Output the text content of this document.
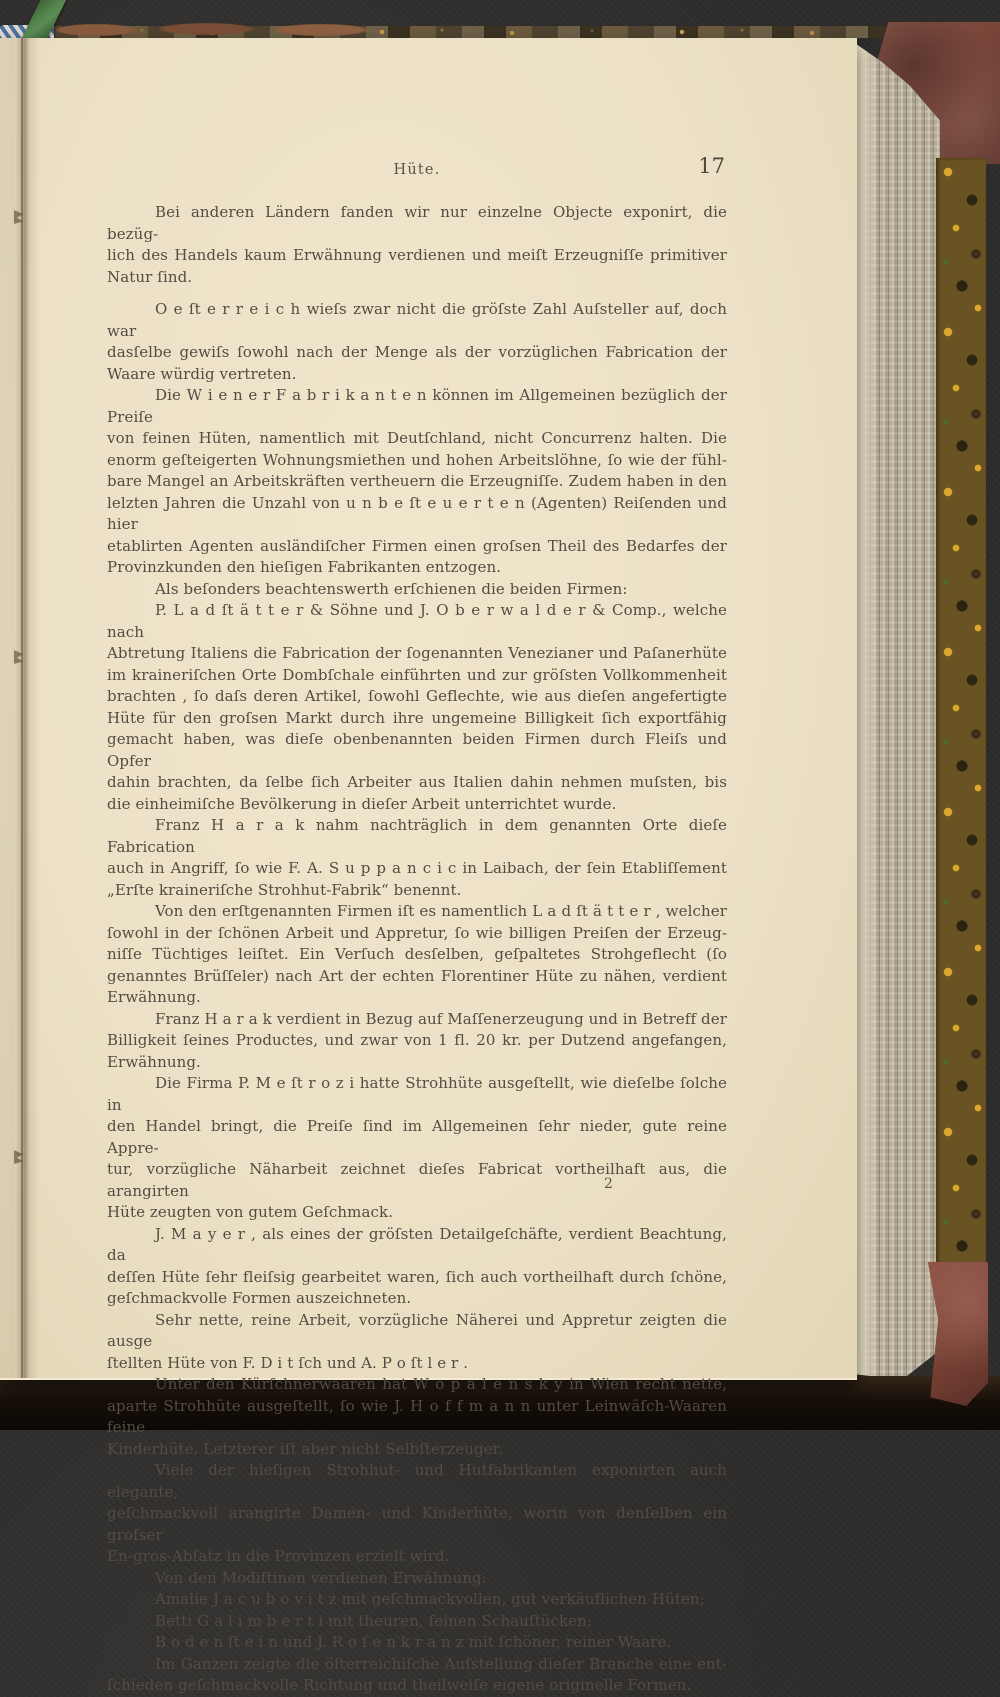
Hüte.	17
Bei anderen Ländern fanden wir nur einzelne Objecte exponirt, die bezüg-
lich des Handels kaum Erwähnung verdienen und meiſt Erzeugniſſe primitiver
Natur ſind.
O e ſt e r r e i c h wieſs zwar nicht die gröſste Zahl Auſsteller auf, doch war
dasſelbe gewiſs ſowohl nach der Menge als der vorzüglichen Fabrication der
Waare würdig vertreten.
Die W i e n e r F a b r i k a n t e n können im Allgemeinen bezüglich der Preiſe
von feinen Hüten, namentlich mit Deutſchland, nicht Concurrenz halten. Die
enorm geſteigerten Wohnungsmiethen und hohen Arbeitslöhne, ſo wie der fühl-
bare Mangel an Arbeitskräften vertheuern die Erzeugniſſe. Zudem haben in den
lelzten Jahren die Unzahl von u n b e ſt e u e r t e n (Agenten) Reiſenden und hier
etablirten Agenten ausländiſcher Firmen einen groſsen Theil des Bedarfes der
Provinzkunden den hieſigen Fabrikanten entzogen.
Als beſonders beachtenswerth erſchienen die beiden Firmen:
P. L a d ſt ä t t e r & Söhne und J. O b e r w a l d e r & Comp., welche nach
Abtretung Italiens die Fabrication der ſogenannten Venezianer und Paſanerhüte
im kraineriſchen Orte Dombſchale einführten und zur gröſsten Vollkommenheit
brachten , ſo daſs deren Artikel, ſowohl Geflechte, wie aus dieſen angefertigte
Hüte für den groſsen Markt durch ihre ungemeine Billigkeit ſich exportfähig
gemacht haben, was dieſe obenbenannten beiden Firmen durch Fleiſs und Opfer
dahin brachten, da ſelbe ſich Arbeiter aus Italien dahin nehmen muſsten, bis
die einheimiſche Bevölkerung in dieſer Arbeit unterrichtet wurde.
Franz H a r a k nahm nachträglich in dem genannten Orte dieſe Fabrication
auch in Angriff, ſo wie F. A. S u p p a n c i c in Laibach, der ſein Etabliſſement
„Erſte kraineriſche Strohhut-Fabrik“ benennt.
Von den erſtgenannten Firmen iſt es namentlich L a d ſt ä t t e r , welcher
ſowohl in der ſchönen Arbeit und Appretur, ſo wie billigen Preiſen der Erzeug-
niſſe Tüchtiges leiſtet. Ein Verſuch desſelben, geſpaltetes Strohgeflecht (ſo
genanntes Brüſſeler) nach Art der echten Florentiner Hüte zu nähen, verdient
Erwähnung.
Franz H a r a k verdient in Bezug auf Maſſenerzeugung und in Betreff der
Billigkeit ſeines Productes, und zwar von 1 fl. 20 kr. per Dutzend angefangen,
Erwähnung.
Die Firma P. M e ſt r o z i hatte Strohhüte ausgeſtellt, wie dieſelbe ſolche in
den Handel bringt, die Preiſe ſind im Allgemeinen ſehr nieder, gute reine Appre-
tur, vorzügliche Näharbeit zeichnet dieſes Fabricat vortheilhaft aus, die arangirten
Hüte zeugten von gutem Geſchmack.
J. M a y e r , als eines der gröſsten Detailgeſchäfte, verdient Beachtung, da
deſſen Hüte ſehr fleiſsig gearbeitet waren, ſich auch vortheilhaft durch ſchöne,
geſchmackvolle Formen auszeichneten.
Sehr nette, reine Arbeit, vorzügliche Näherei und Appretur zeigten die ausge
ſtellten Hüte von F. D i t ſch und A. P o ſt l e r .
Unter den Kürſchnerwaaren hat W o p a l e n s k y in Wien recht nette,
aparte Strohhüte ausgeſtellt, ſo wie J. H o f f m a n n unter Leinwäſch-Waaren feine
Kinderhüte. Letzterer iſt aber nicht Selbſterzeuger.
Viele der hieſigen Strohhut- und Hutfabrikanten exponirten auch elegante,
geſchmackvoll arangirte Damen- und Kinderhüte, worin von denſelben ein groſser
En-gros-Abſatz in die Provinzen erzielt wird.
Von den Modiſtinen verdienen Erwähnung:
Amalie J a c u b o v i t z mit geſchmackvollen, gut verkäuflichen Hüten;
Betti G a l i m b e r t i mit theuren, feinen Schauſtücken;
B o d e n ſt e i n und J. R o ſ e n k r a n z mit ſchöner, reiner Waare.
Im Ganzen zeigte die öſterreichiſche Auſstellung dieſer Branche eine ent-
ſchieden geſchmackvolle Richtung und theilweiſe eigene originelle Formen.
2
